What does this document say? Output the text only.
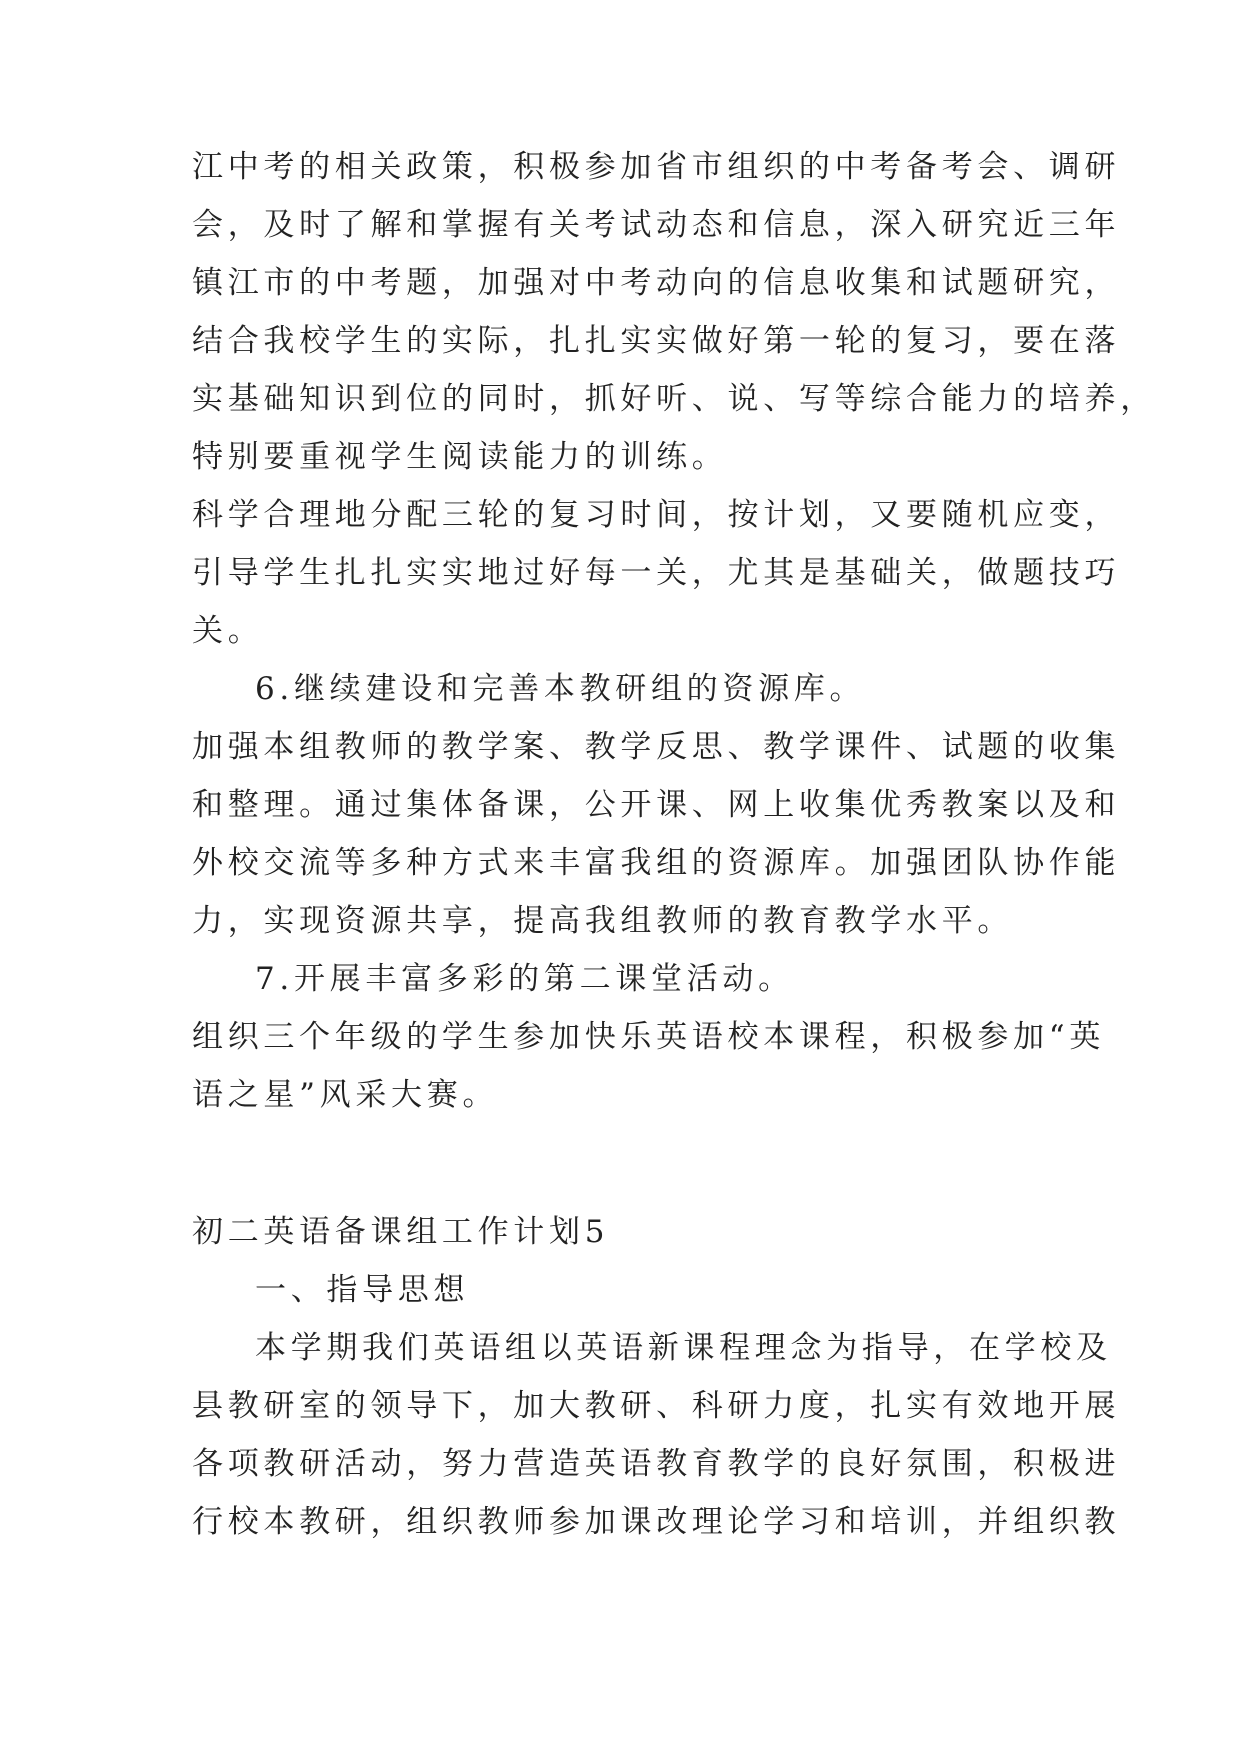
江中考的相关政策，积极参加省市组织的中考备考会、调研
会，及时了解和掌握有关考试动态和信息，深入研究近三年
镇江市的中考题，加强对中考动向的信息收集和试题研究，
结合我校学生的实际，扎扎实实做好第一轮的复习，要在落
实基础知识到位的同时，抓好听、说、写等综合能力的培养，
特别要重视学生阅读能力的训练。
科学合理地分配三轮的复习时间，按计划，又要随机应变，
引导学生扎扎实实地过好每一关，尤其是基础关，做题技巧
关。
6.继续建设和完善本教研组的资源库。
加强本组教师的教学案、教学反思、教学课件、试题的收集
和整理。通过集体备课，公开课、网上收集优秀教案以及和
外校交流等多种方式来丰富我组的资源库。加强团队协作能
力，实现资源共享，提高我组教师的教育教学水平。
7.开展丰富多彩的第二课堂活动。
组织三个年级的学生参加快乐英语校本课程，积极参加“英
语之星”风采大赛。
初二英语备课组工作计划5
一、指导思想
本学期我们英语组以英语新课程理念为指导，在学校及
县教研室的领导下，加大教研、科研力度，扎实有效地开展
各项教研活动，努力营造英语教育教学的良好氛围，积极进
行校本教研，组织教师参加课改理论学习和培训，并组织教
